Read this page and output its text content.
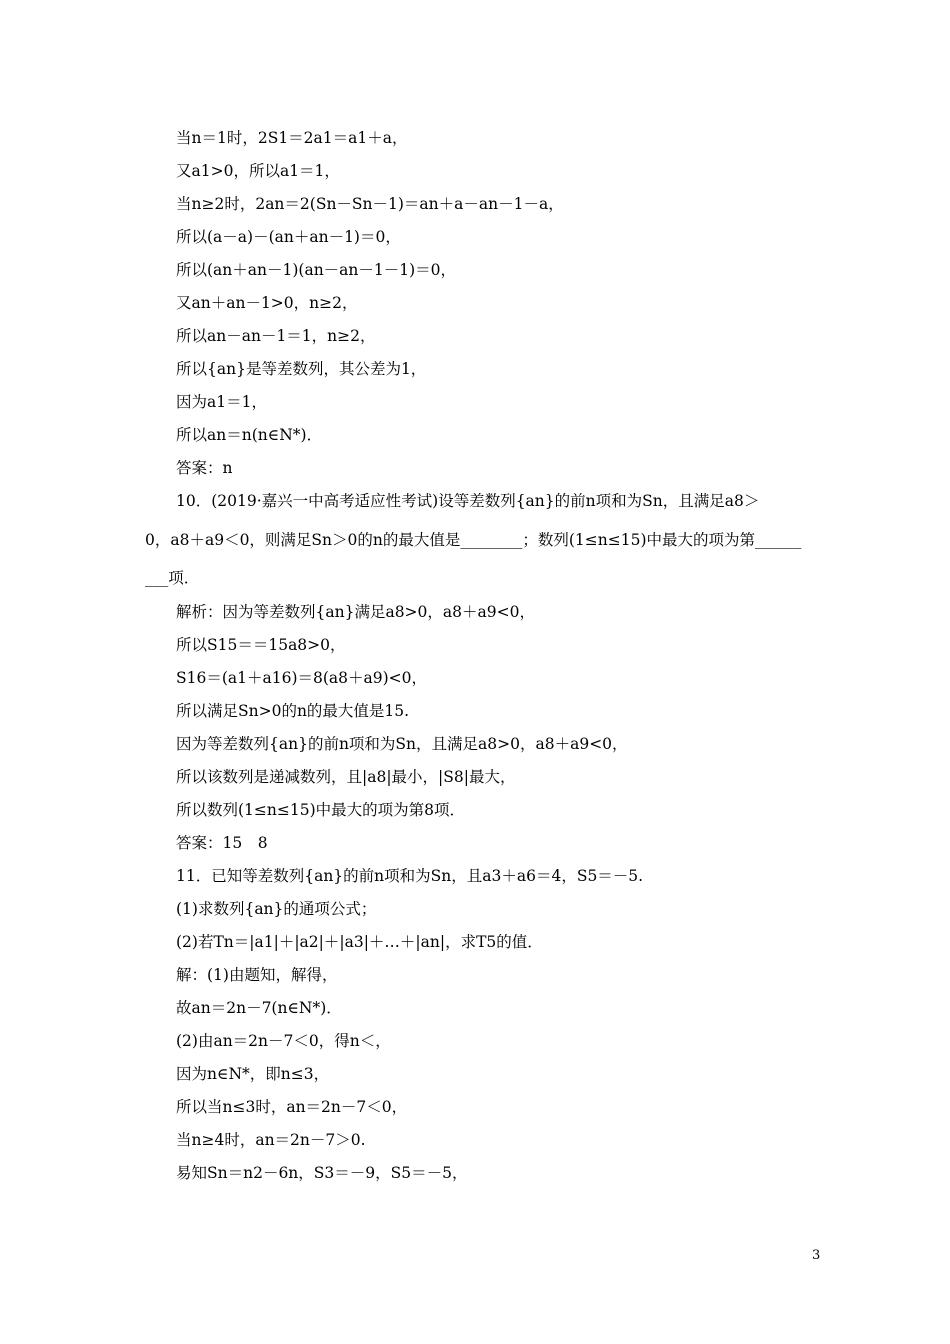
当n＝1时，2S1＝2a1＝a1＋a，
又a1>0，所以a1＝1，
当n≥2时，2an＝2(Sn－Sn－1)＝an＋a－an－1－a，
所以(a－a)－(an＋an－1)＝0，
所以(an＋an－1)(an－an－1－1)＝0，
又an＋an－1>0，n≥2，
所以an－an－1＝1，n≥2，
所以{an}是等差数列，其公差为1，
因为a1＝1，
所以an＝n(n∈N*)．
答案：n
10．(2019·嘉兴一中高考适应性考试)设等差数列{an}的前n项和为Sn，且满足a8＞
0，a8＋a9＜0，则满足Sn＞0的n的最大值是________；数列(1≤n≤15)中最大的项为第______
___项．
解析：因为等差数列{an}满足a8>0，a8＋a9<0，
所以S15＝＝15a8>0，
S16＝(a1＋a16)＝8(a8＋a9)<0，
所以满足Sn>0的n的最大值是15.
因为等差数列{an}的前n项和为Sn，且满足a8>0，a8＋a9<0，
所以该数列是递减数列，且|a8|最小，|S8|最大，
所以数列(1≤n≤15)中最大的项为第8项．
答案：15　8
11．已知等差数列{an}的前n项和为Sn，且a3＋a6＝4，S5＝－5.
(1)求数列{an}的通项公式；
(2)若Tn＝|a1|＋|a2|＋|a3|＋…＋|an|，求T5的值．
解：(1)由题知，解得，
故an＝2n－7(n∈N*)．
(2)由an＝2n－7＜0，得n＜，
因为n∈N*，即n≤3，
所以当n≤3时，an＝2n－7＜0，
当n≥4时，an＝2n－7＞0.
易知Sn＝n2－6n，S3＝－9，S5＝－5，
3
